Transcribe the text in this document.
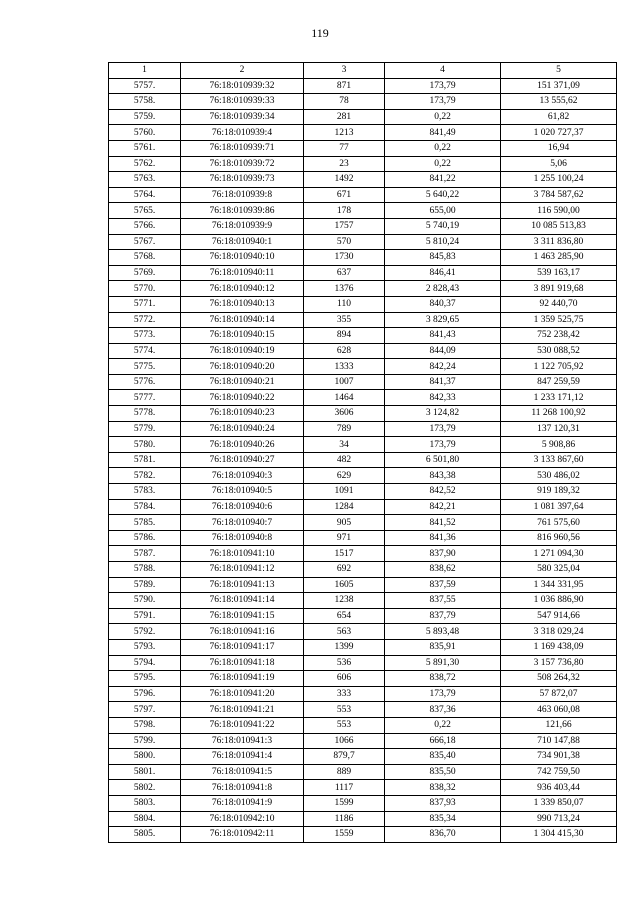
119
1	2	3	4	5
5757.	76:18:010939:32	871	173,79	151 371,09
5758.	76:18:010939:33	78	173,79	13 555,62
5759.	76:18:010939:34	281	0,22	61,82
5760.	76:18:010939:4	1213	841,49	1 020 727,37
5761.	76:18:010939:71	77	0,22	16,94
5762.	76:18:010939:72	23	0,22	5,06
5763.	76:18:010939:73	1492	841,22	1 255 100,24
5764.	76:18:010939:8	671	5 640,22	3 784 587,62
5765.	76:18:010939:86	178	655,00	116 590,00
5766.	76:18:010939:9	1757	5 740,19	10 085 513,83
5767.	76:18:010940:1	570	5 810,24	3 311 836,80
5768.	76:18:010940:10	1730	845,83	1 463 285,90
5769.	76:18:010940:11	637	846,41	539 163,17
5770.	76:18:010940:12	1376	2 828,43	3 891 919,68
5771.	76:18:010940:13	110	840,37	92 440,70
5772.	76:18:010940:14	355	3 829,65	1 359 525,75
5773.	76:18:010940:15	894	841,43	752 238,42
5774.	76:18:010940:19	628	844,09	530 088,52
5775.	76:18:010940:20	1333	842,24	1 122 705,92
5776.	76:18:010940:21	1007	841,37	847 259,59
5777.	76:18:010940:22	1464	842,33	1 233 171,12
5778.	76:18:010940:23	3606	3 124,82	11 268 100,92
5779.	76:18:010940:24	789	173,79	137 120,31
5780.	76:18:010940:26	34	173,79	5 908,86
5781.	76:18:010940:27	482	6 501,80	3 133 867,60
5782.	76:18:010940:3	629	843,38	530 486,02
5783.	76:18:010940:5	1091	842,52	919 189,32
5784.	76:18:010940:6	1284	842,21	1 081 397,64
5785.	76:18:010940:7	905	841,52	761 575,60
5786.	76:18:010940:8	971	841,36	816 960,56
5787.	76:18:010941:10	1517	837,90	1 271 094,30
5788.	76:18:010941:12	692	838,62	580 325,04
5789.	76:18:010941:13	1605	837,59	1 344 331,95
5790.	76:18:010941:14	1238	837,55	1 036 886,90
5791.	76:18:010941:15	654	837,79	547 914,66
5792.	76:18:010941:16	563	5 893,48	3 318 029,24
5793.	76:18:010941:17	1399	835,91	1 169 438,09
5794.	76:18:010941:18	536	5 891,30	3 157 736,80
5795.	76:18:010941:19	606	838,72	508 264,32
5796.	76:18:010941:20	333	173,79	57 872,07
5797.	76:18:010941:21	553	837,36	463 060,08
5798.	76:18:010941:22	553	0,22	121,66
5799.	76:18:010941:3	1066	666,18	710 147,88
5800.	76:18:010941:4	879,7	835,40	734 901,38
5801.	76:18:010941:5	889	835,50	742 759,50
5802.	76:18:010941:8	1117	838,32	936 403,44
5803.	76:18:010941:9	1599	837,93	1 339 850,07
5804.	76:18:010942:10	1186	835,34	990 713,24
5805.	76:18:010942:11	1559	836,70	1 304 415,30
